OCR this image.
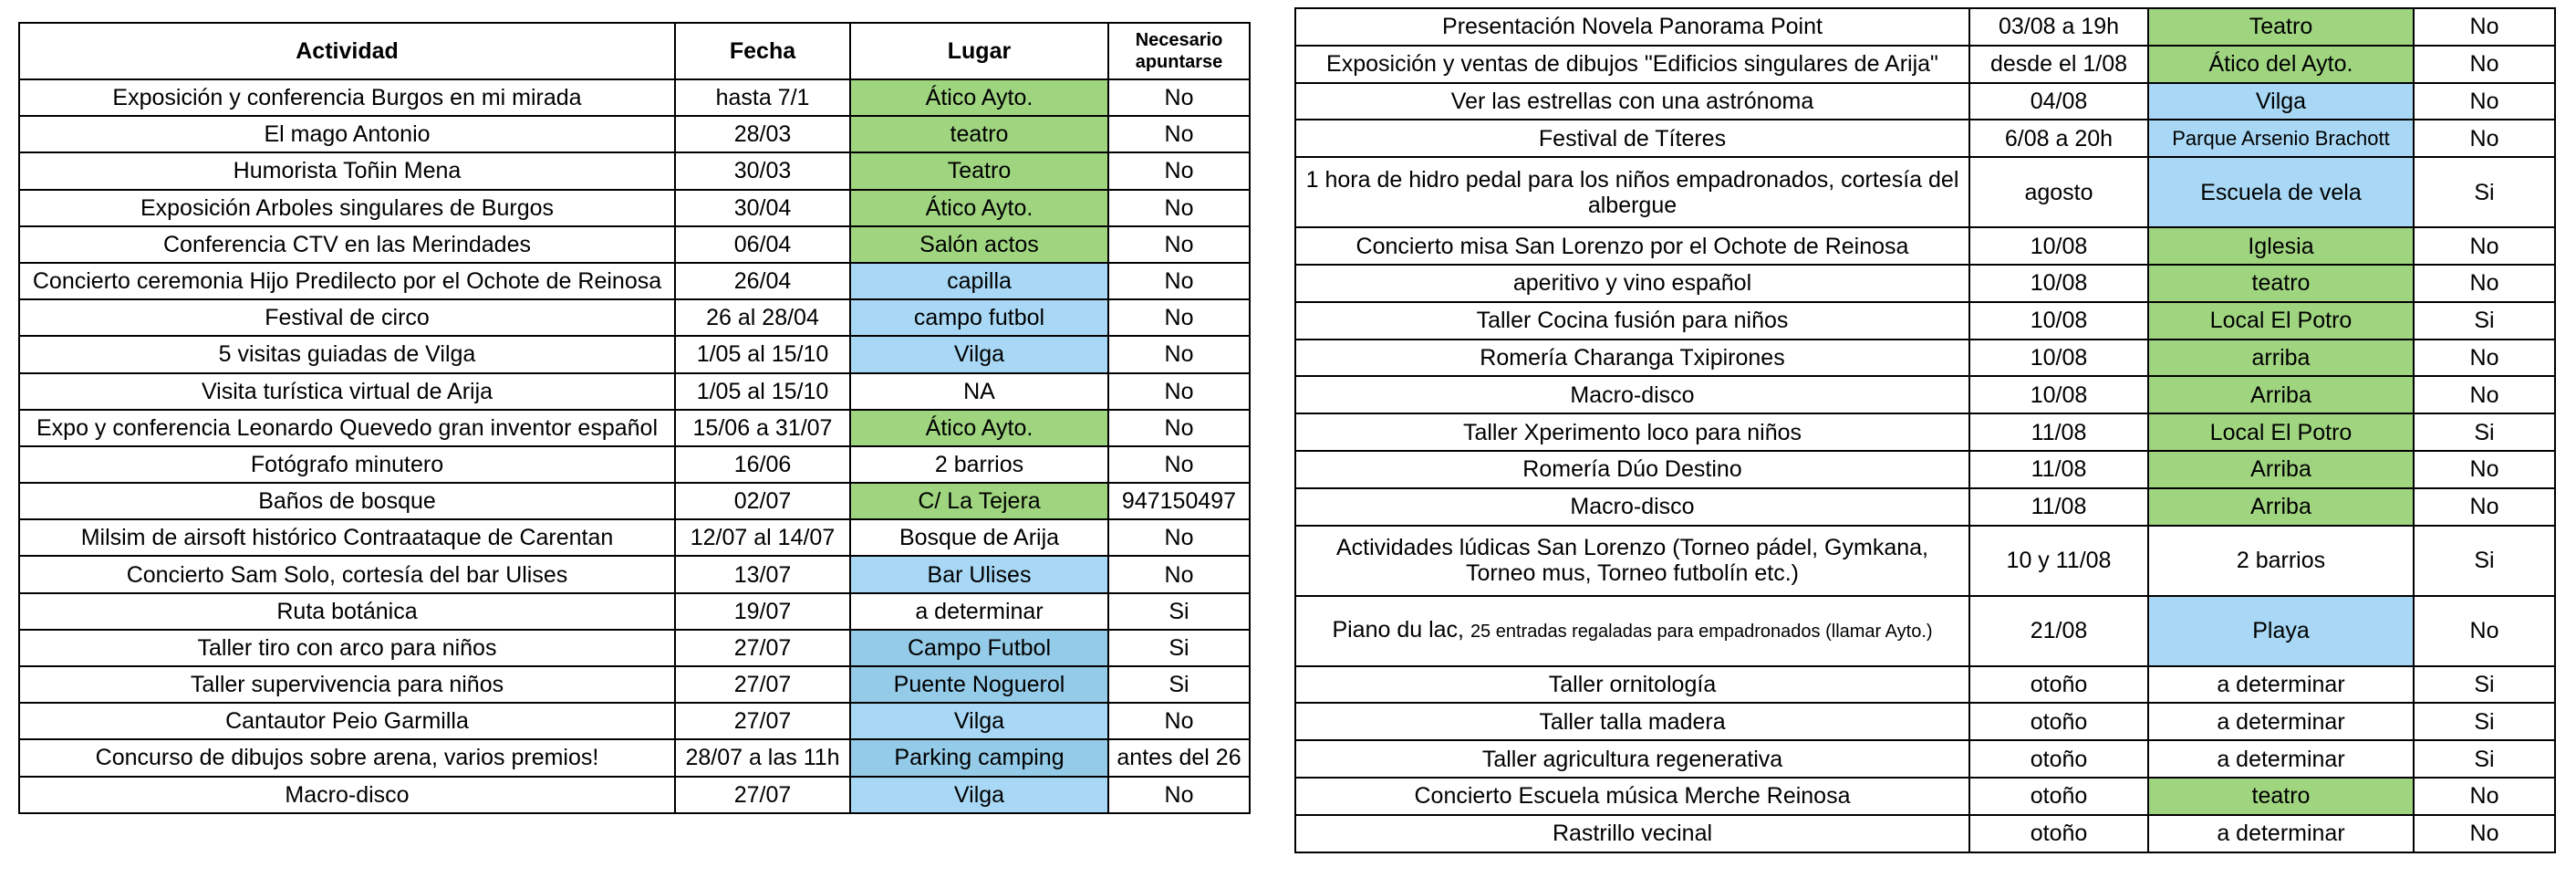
Actividad	Fecha	Lugar	Necesario apuntarse
Exposición y conferencia Burgos en mi mirada	hasta 7/1	Ático Ayto.	No
El mago Antonio	28/03	teatro	No
Humorista Toñin Mena	30/03	Teatro	No
Exposición Arboles singulares de Burgos	30/04	Ático Ayto.	No
Conferencia CTV en las Merindades	06/04	Salón actos	No
Concierto ceremonia Hijo Predilecto por el Ochote de Reinosa	26/04	capilla	No
Festival de circo	26 al 28/04	campo futbol	No
5 visitas guiadas de Vilga	1/05 al 15/10	Vilga	No
Visita turística virtual de Arija	1/05 al 15/10	NA	No
Expo y conferencia Leonardo Quevedo gran inventor español	15/06 a 31/07	Ático Ayto.	No
Fotógrafo minutero	16/06	2 barrios	No
Baños de bosque	02/07	C/ La Tejera	947150497
Milsim de airsoft histórico Contraataque de Carentan	12/07 al 14/07	Bosque de Arija	No
Concierto Sam Solo, cortesía del bar Ulises	13/07	Bar Ulises	No
Ruta botánica	19/07	a determinar	Si
Taller tiro con arco para niños	27/07	Campo Futbol	Si
Taller supervivencia para niños	27/07	Puente Noguerol	Si
Cantautor Peio Garmilla	27/07	Vilga	No
Concurso de dibujos sobre arena, varios premios!	28/07 a las 11h	Parking camping	antes del 26
Macro-disco	27/07	Vilga	No
Presentación Novela Panorama Point	03/08 a 19h	Teatro	No
Exposición y ventas de dibujos "Edificios singulares de Arija"	desde el 1/08	Ático del Ayto.	No
Ver las estrellas con una astrónoma	04/08	Vilga	No
Festival de Títeres	6/08 a 20h	Parque Arsenio Brachott	No
1 hora de hidro pedal para los niños empadronados, cortesía del albergue	agosto	Escuela de vela	Si
Concierto misa San Lorenzo por el Ochote de Reinosa	10/08	Iglesia	No
aperitivo y vino español	10/08	teatro	No
Taller Cocina fusión para niños	10/08	Local El Potro	Si
Romería Charanga Txipirones	10/08	arriba	No
Macro-disco	10/08	Arriba	No
Taller Xperimento loco para niños	11/08	Local El Potro	Si
Romería Dúo Destino	11/08	Arriba	No
Macro-disco	11/08	Arriba	No
Actividades lúdicas San Lorenzo (Torneo pádel, Gymkana, Torneo mus, Torneo futbolín etc.)	10 y 11/08	2 barrios	Si
Piano du lac, 25 entradas regaladas para empadronados (llamar Ayto.)	21/08	Playa	No
Taller ornitología	otoño	a determinar	Si
Taller talla madera	otoño	a determinar	Si
Taller agricultura regenerativa	otoño	a determinar	Si
Concierto Escuela música Merche Reinosa	otoño	teatro	No
Rastrillo vecinal	otoño	a determinar	No
